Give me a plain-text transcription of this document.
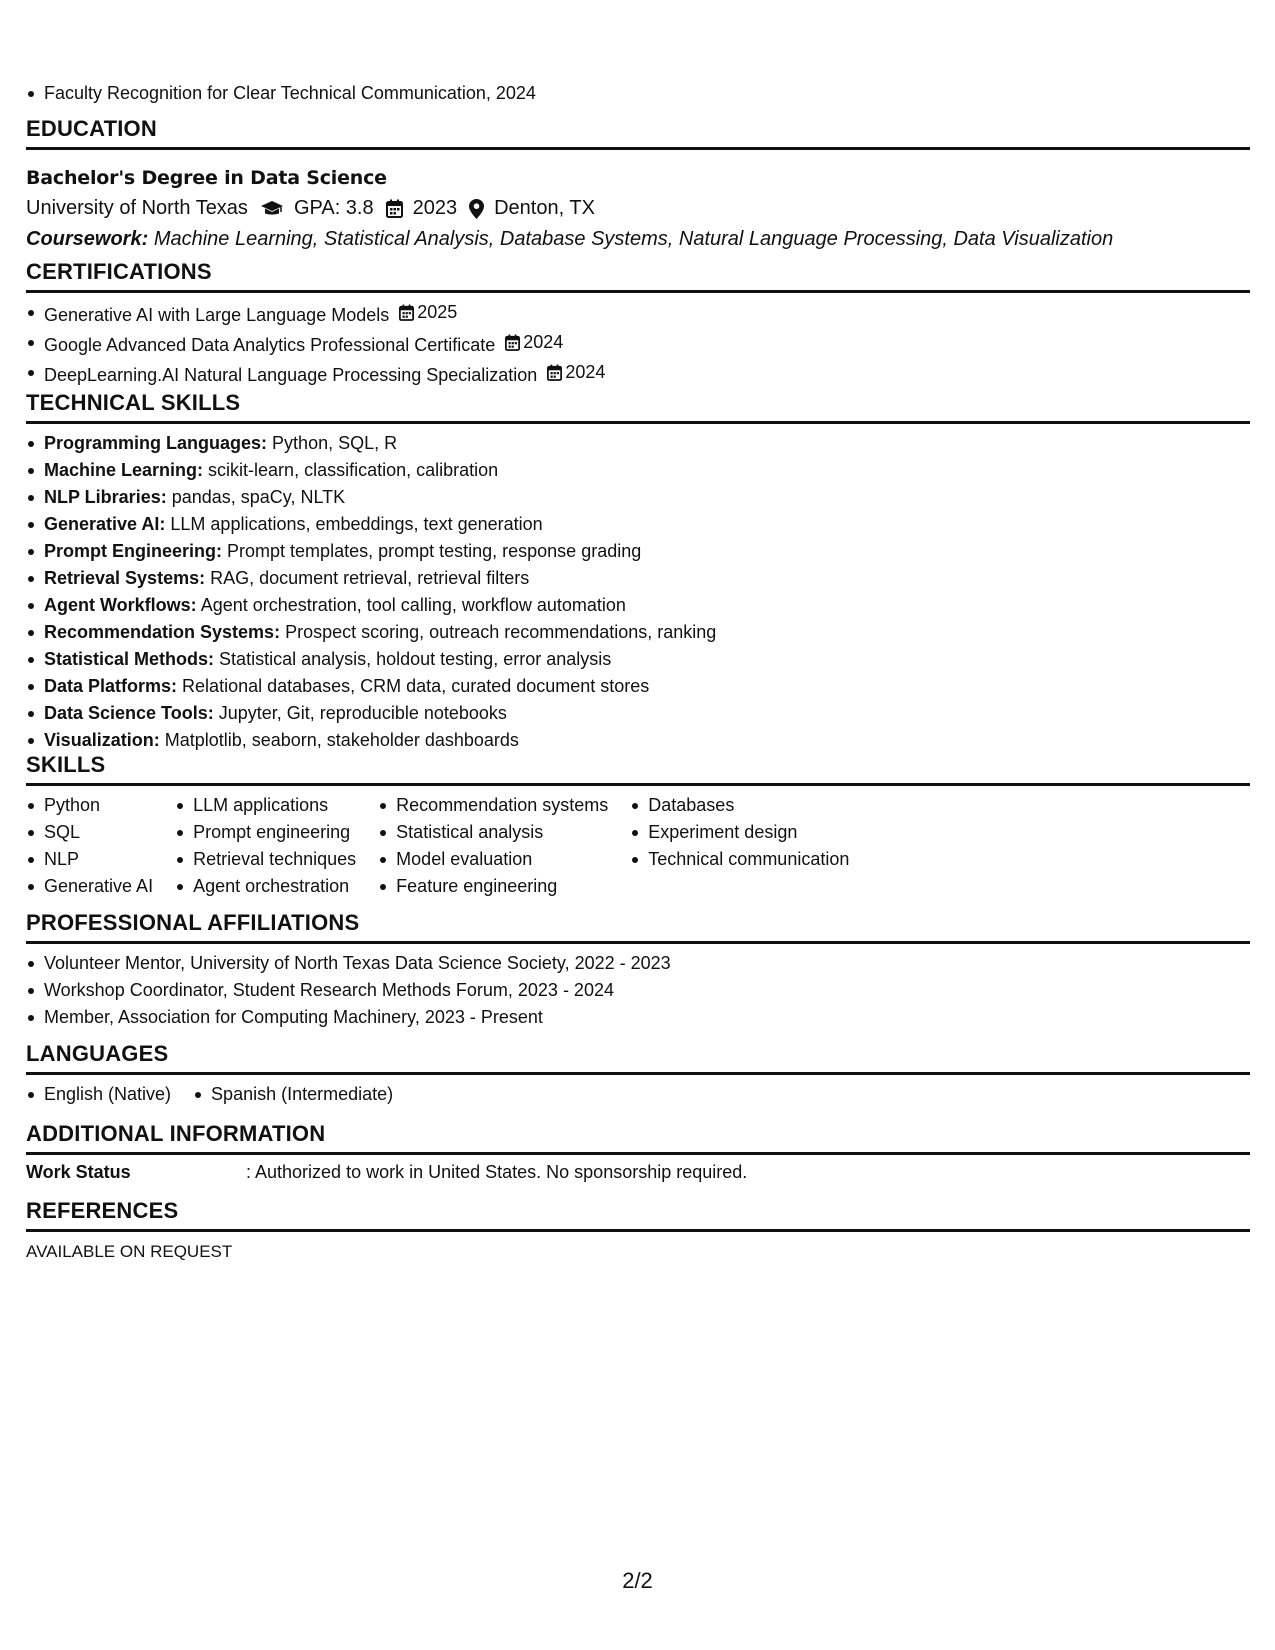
Faculty Recognition for Clear Technical Communication, 2024
EDUCATION
Bachelor's Degree in Data Science
University of North Texas GPA: 3.8 2023 Denton, TX
Coursework: Machine Learning, Statistical Analysis, Database Systems, Natural Language Processing, Data Visualization
CERTIFICATIONS
Generative AI with Large Language Models 2025
Google Advanced Data Analytics Professional Certificate 2024
DeepLearning.AI Natural Language Processing Specialization 2024
TECHNICAL SKILLS
Programming Languages: Python, SQL, R
Machine Learning: scikit-learn, classification, calibration
NLP Libraries: pandas, spaCy, NLTK
Generative AI: LLM applications, embeddings, text generation
Prompt Engineering: Prompt templates, prompt testing, response grading
Retrieval Systems: RAG, document retrieval, retrieval filters
Agent Workflows: Agent orchestration, tool calling, workflow automation
Recommendation Systems: Prospect scoring, outreach recommendations, ranking
Statistical Methods: Statistical analysis, holdout testing, error analysis
Data Platforms: Relational databases, CRM data, curated document stores
Data Science Tools: Jupyter, Git, reproducible notebooks
Visualization: Matplotlib, seaborn, stakeholder dashboards
SKILLS
Python
SQL
NLP
Generative AI
LLM applications
Prompt engineering
Retrieval techniques
Agent orchestration
Recommendation systems
Statistical analysis
Model evaluation
Feature engineering
Databases
Experiment design
Technical communication
PROFESSIONAL AFFILIATIONS
Volunteer Mentor, University of North Texas Data Science Society, 2022 - 2023
Workshop Coordinator, Student Research Methods Forum, 2023 - 2024
Member, Association for Computing Machinery, 2023 - Present
LANGUAGES
English (Native)	Spanish (Intermediate)
ADDITIONAL INFORMATION
Work Status	: Authorized to work in United States. No sponsorship required.
REFERENCES
AVAILABLE ON REQUEST
2/2
